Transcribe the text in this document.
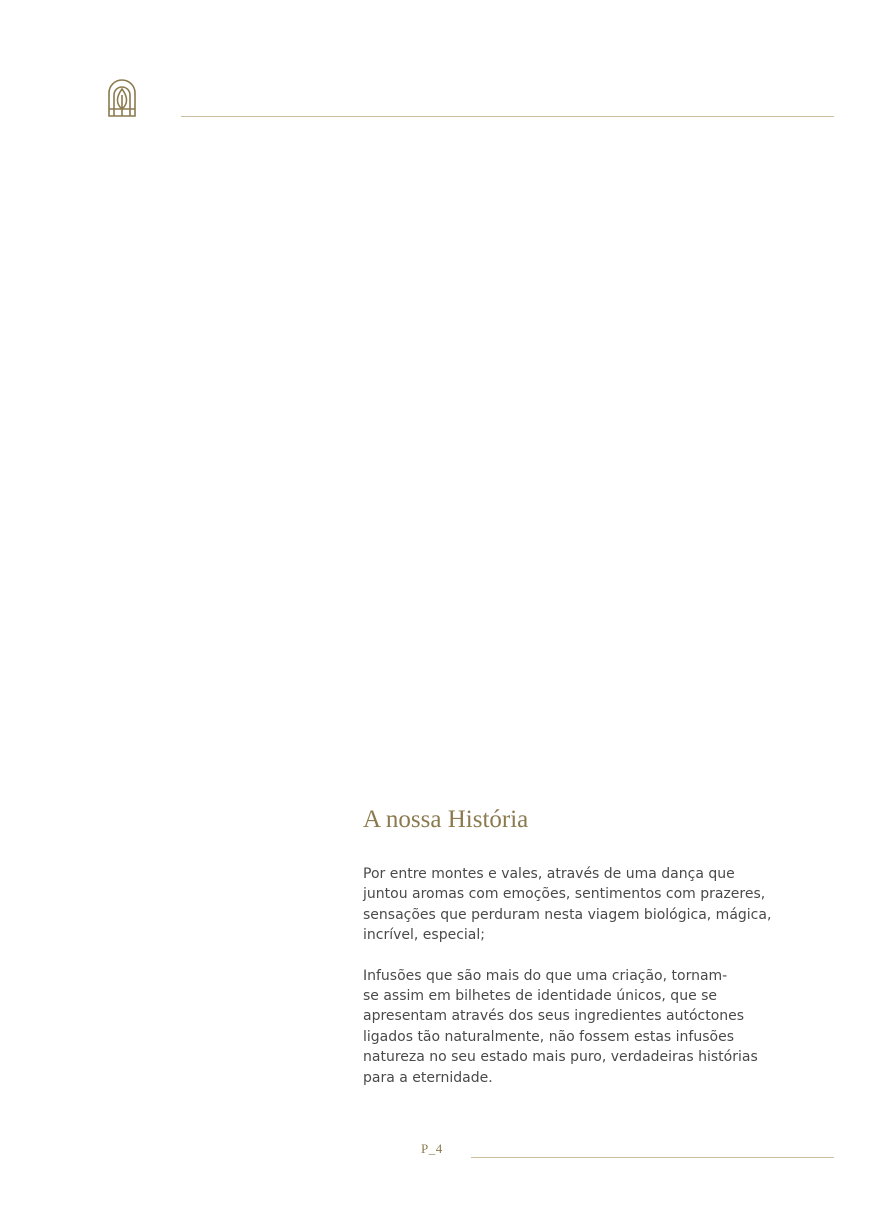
A nossa História

Por entre montes e vales, através de uma dança que
juntou aromas com emoções, sentimentos com prazeres,
sensações que perduram nesta viagem biológica, mágica,
incrível, especial;

Infusões que são mais do que uma criação, tornam-
se assim em bilhetes de identidade únicos, que se
apresentam através dos seus ingredientes autóctones
ligados tão naturalmente, não fossem estas infusões
natureza no seu estado mais puro, verdadeiras histórias
para a eternidade.

P_4
